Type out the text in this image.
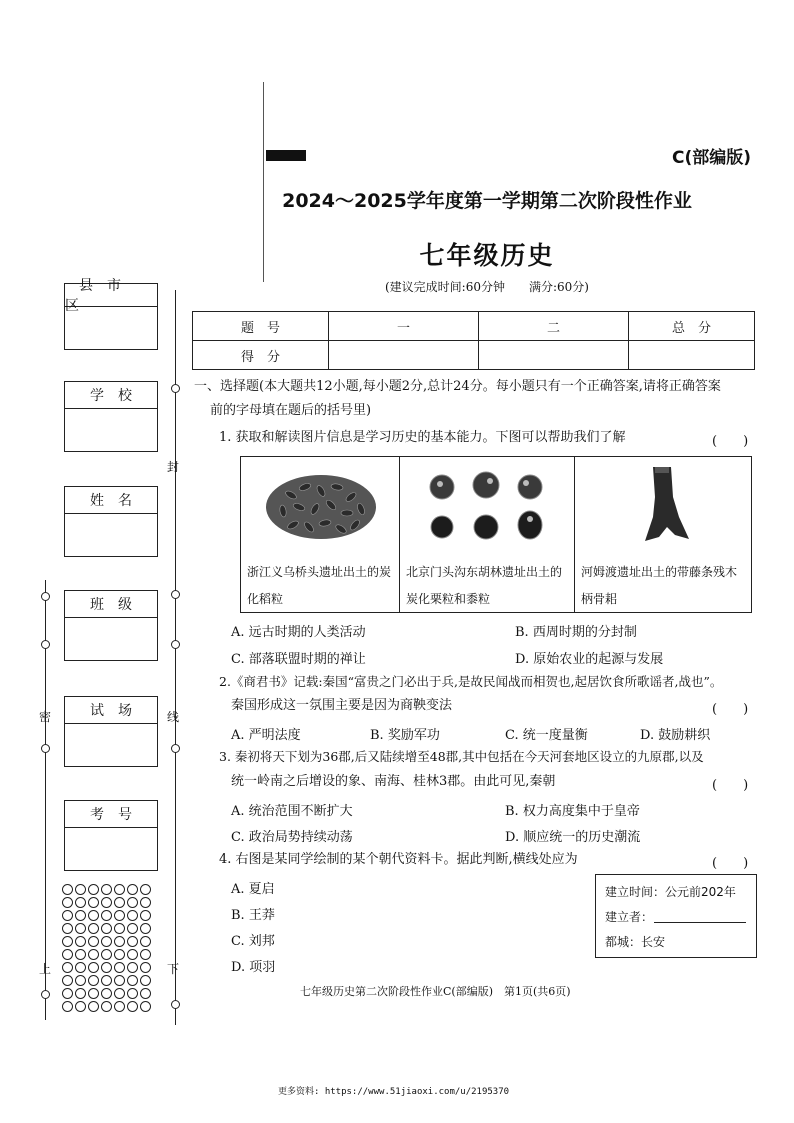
封
密	线
上	下
县市区
学校
姓名
班级
试场
考号
C(部编版)
2024～2025学年度第一学期第二次阶段性作业
七年级历史
(建议完成时间:60分钟　　满分:60分)
题　号	一	二	总　分
得　分			
一、选择题(本大题共12小题,每小题2分,总计24分。每小题只有一个正确答案,请将正确答案
前的字母填在题后的括号里)
1. 获取和解读图片信息是学习历史的基本能力。下图可以帮助我们了解	(　　)
浙江义乌桥头遗址出土的炭化稻粒
北京门头沟东胡林遗址出土的炭化栗粒和黍粒
河姆渡遗址出土的带藤条残木柄骨耜
A. 远古时期的人类活动	B. 西周时期的分封制
C. 部落联盟时期的禅让	D. 原始农业的起源与发展
2.《商君书》记载:秦国“富贵之门必出于兵,是故民闻战而相贺也,起居饮食所歌谣者,战也”。
秦国形成这一氛围主要是因为商鞅变法	(　　)
A. 严明法度	B. 奖励军功	C. 统一度量衡	D. 鼓励耕织
3. 秦初将天下划为36郡,后又陆续增至48郡,其中包括在今天河套地区设立的九原郡,以及
统一岭南之后增设的象、南海、桂林3郡。由此可见,秦朝	(　　)
A. 统治范围不断扩大	B. 权力高度集中于皇帝
C. 政治局势持续动荡	D. 顺应统一的历史潮流
4. 右图是某同学绘制的某个朝代资料卡。据此判断,横线处应为	(　　)
A. 夏启
B. 王莽
C. 刘邦
D. 项羽
建立时间：公元前202年
建立者：
都城：长安
七年级历史第二次阶段性作业C(部编版)　第1页(共6页)
更多资料: https://www.51jiaoxi.com/u/2195370
